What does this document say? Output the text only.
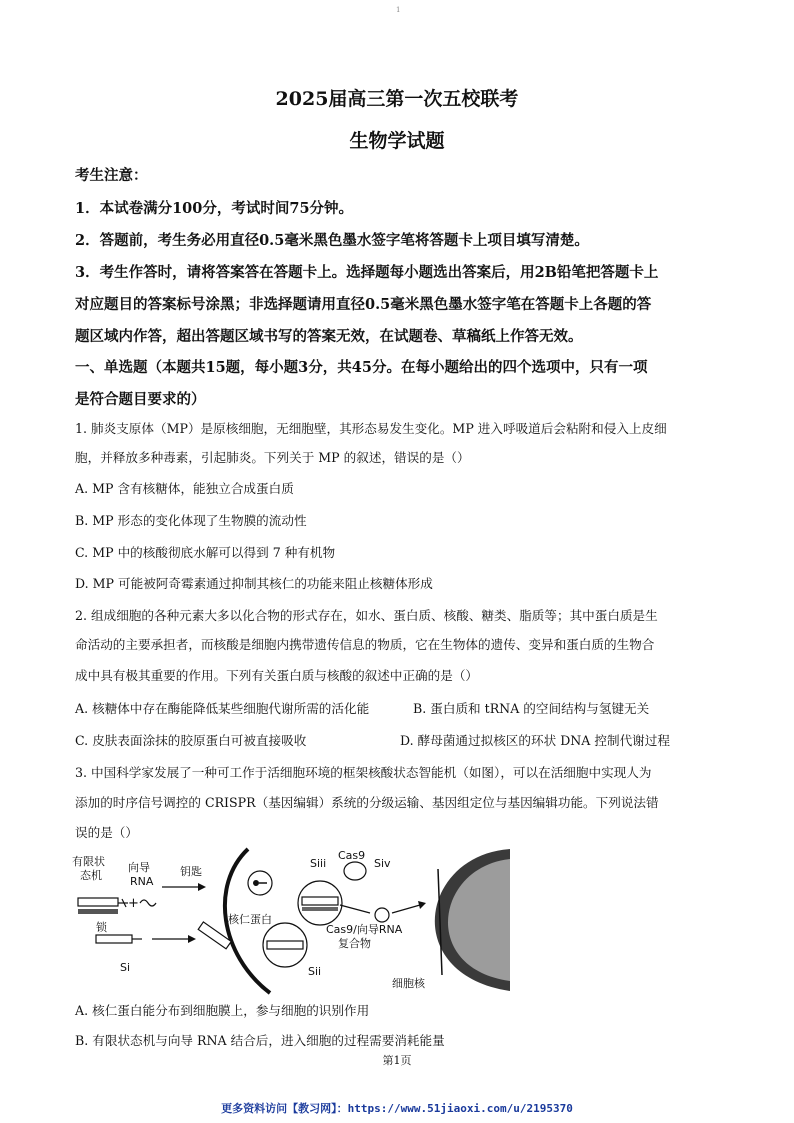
1
2025届高三第一次五校联考
生物学试题
考生注意：
1．本试卷满分100分，考试时间75分钟。
2．答题前，考生务必用直径0.5毫米黑色墨水签字笔将答题卡上项目填写清楚。
3．考生作答时，请将答案答在答题卡上。选择题每小题选出答案后，用2B铅笔把答题卡上
对应题目的答案标号涂黑；非选择题请用直径0.5毫米黑色墨水签字笔在答题卡上各题的答
题区域内作答，超出答题区域书写的答案无效，在试题卷、草稿纸上作答无效。
一、单选题（本题共15题，每小题3分，共45分。在每小题给出的四个选项中，只有一项
是符合题目要求的）
1. 肺炎支原体（MP）是原核细胞，无细胞壁，其形态易发生变化。MP 进入呼吸道后会粘附和侵入上皮细
胞，并释放多种毒素，引起肺炎。下列关于 MP 的叙述，错误的是（）
A. MP 含有核糖体，能独立合成蛋白质
B. MP 形态的变化体现了生物膜的流动性
C. MP 中的核酸彻底水解可以得到 7 种有机物
D. MP 可能被阿奇霉素通过抑制其核仁的功能来阻止核糖体形成
2. 组成细胞的各种元素大多以化合物的形式存在，如水、蛋白质、核酸、糖类、脂质等；其中蛋白质是生
命活动的主要承担者，而核酸是细胞内携带遗传信息的物质，它在生物体的遗传、变异和蛋白质的生物合
成中具有极其重要的作用。下列有关蛋白质与核酸的叙述中正确的是（）
A. 核糖体中存在酶能降低某些细胞代谢所需的活化能	B. 蛋白质和 tRNA 的空间结构与氢键无关
C. 皮肤表面涂抹的胶原蛋白可被直接吸收	D. 酵母菌通过拟核区的环状 DNA 控制代谢过程
3. 中国科学家发展了一种可工作于活细胞环境的框架核酸状态智能机（如图），可以在活细胞中实现人为
添加的时序信号调控的 CRISPR（基因编辑）系统的分级运输、基因组定位与基因编辑功能。下列说法错
误的是（）
+
有限状
态机
向导
RNA
锁
钥匙
核仁蛋白
Si	Sii
Siii
Cas9
Siv
Cas9/向导RNA
复合物
目标基因
细胞核
A. 核仁蛋白能分布到细胞膜上，参与细胞的识别作用
B. 有限状态机与向导 RNA 结合后，进入细胞的过程需要消耗能量
第1页
更多资料访问【教习网】：https://www.51jiaoxi.com/u/2195370
